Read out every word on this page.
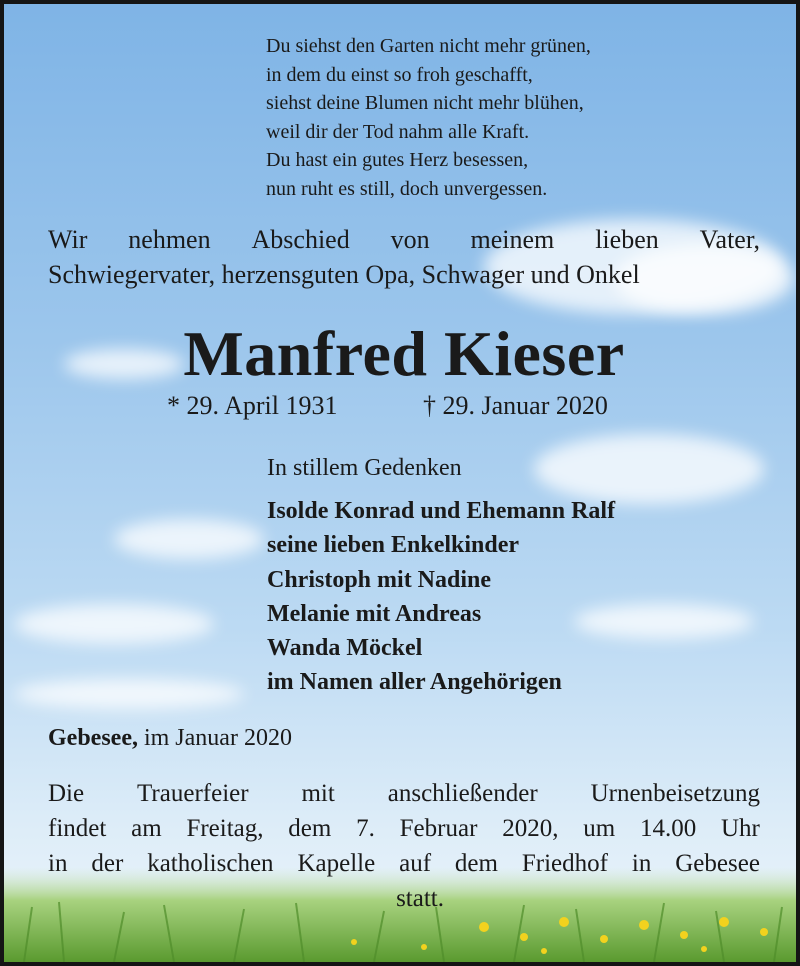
Du siehst den Garten nicht mehr grünen,
in dem du einst so froh geschafft,
siehst deine Blumen nicht mehr blühen,
weil dir der Tod nahm alle Kraft.
Du hast ein gutes Herz besessen,
nun ruht es still, doch unvergessen.
Wir nehmen Abschied von meinem lieben Vater,
Schwiegervater, herzensguten Opa, Schwager und Onkel
Manfred Kieser
* 29. April 1931	† 29. Januar 2020
In stillem Gedenken
Isolde Konrad und Ehemann Ralf
seine lieben Enkelkinder
Christoph mit Nadine
Melanie mit Andreas
Wanda Möckel
im Namen aller Angehörigen
Gebesee, im Januar 2020
Die Trauerfeier mit anschließender Urnenbeisetzung
findet am Freitag, dem 7. Februar 2020, um 14.00 Uhr
in der katholischen Kapelle auf dem Friedhof in Gebesee
statt.
